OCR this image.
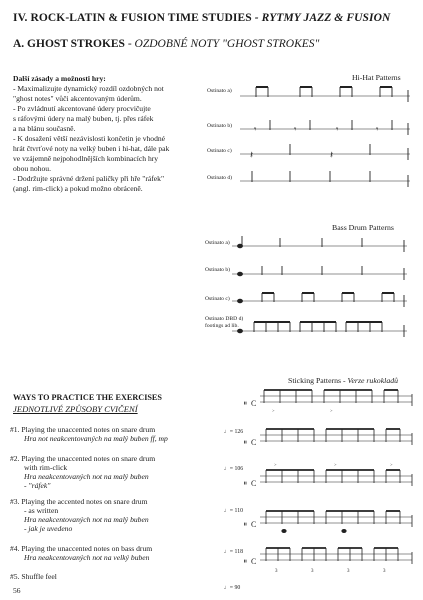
IV. ROCK-LATIN & FUSION TIME STUDIES - RYTMY JAZZ & FUSION
A. GHOST STROKES - OZDOBNÉ NOTY "GHOST STROKES"
Další zásady a možnosti hry:
- Maximalizujte dynamický rozdíl ozdobných not
"ghost notes" vůči akcentovaným úderům.
- Po zvládnutí akcentované údery procvičujte
s ráfovými údery na malý buben, tj. přes ráfek
a na blánu současně.
- K dosažení větší nezávislosti končetin je vhodné
hrát čtvrťové noty na velký buben i hi-hat, dále pak
ve vzájemně nejpohodlnějších kombinacích hry
obou nohou.
- Dodržujte správné držení paličky při hře "ráfek"
(angl. rim-click) a pokud možno obráceně.
Hi-Hat Patterns
Ostinato a)
Ostinato b)
Ostinato c)
Ostinato d)
𝄾	𝄾	𝄾	𝄾
𝄽	𝄽
Bass Drum Patterns
Ostinato a)
Ostinato b)
Ostinato c)
Ostinato DBD d)
footings ad lib.
WAYS TO PRACTICE THE EXERCISES
JEDNOTLIVÉ ZPŮSOBY CVIČENÍ
Sticking Patterns - Verze rukokladů
#1. Playing the unaccented notes on snare drum
Hra not neakcentovaných na malý buben ff, mp
#2. Playing the unaccented notes on snare drum
with rim-click
Hra neakcentovaných not na malý buben
- "ráfek"
#3. Playing the accented notes on snare drum
- as written
Hra neakcentovaných not na malý buben
- jak je uvedeno
#4. Playing the unaccented notes on bass drum
Hra neakcentovaných not na velký buben
#5. Shuffle feel
♩= 126
♩= 106
♩= 110
♩= 118
♩= 90
𝄥 C
>	>
𝄥 C
𝄥 C
>	>	>
𝄥 C
𝄥 C
3	3	3	3
56
